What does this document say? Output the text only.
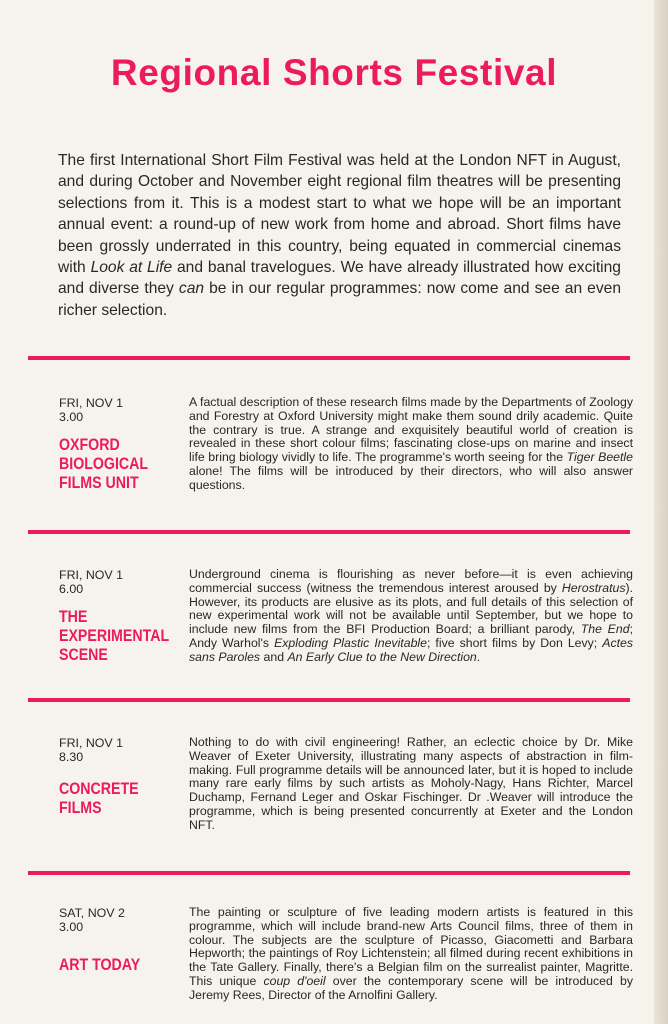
Regional Shorts Festival

The first International Short Film Festival was held at the London NFT in August, and during October and November eight regional film theatres will be presenting selections from it. This is a modest start to what we hope will be an important annual event: a round-up of new work from home and abroad. Short films have been grossly underrated in this country, being equated in commercial cinemas with Look at Life and banal travelogues. We have already illustrated how exciting and diverse they can be in our regular programmes: now come and see an even richer selection.

FRI, NOV 1
3.00

OXFORD
BIOLOGICAL
FILMS UNIT

A factual description of these research films made by the Departments of Zoology and Forestry at Oxford University might make them sound drily academic. Quite the contrary is true. A strange and exquisitely beautiful world of creation is revealed in these short colour films; fascinating close-ups on marine and insect life bring biology vividly to life. The programme's worth seeing for the Tiger Beetle alone! The films will be introduced by their directors, who will also answer questions.

FRI, NOV 1
6.00

THE
EXPERIMENTAL
SCENE

Underground cinema is flourishing as never before—it is even achieving commercial success (witness the tremendous interest aroused by Herostratus). However, its products are elusive as its plots, and full details of this selection of new experimental work will not be available until September, but we hope to include new films from the BFI Production Board; a brilliant parody, The End; Andy Warhol's Exploding Plastic Inevitable; five short films by Don Levy; Actes sans Paroles and An Early Clue to the New Direction.

FRI, NOV 1
8.30

CONCRETE
FILMS

Nothing to do with civil engineering! Rather, an eclectic choice by Dr. Mike Weaver of Exeter University, illustrating many aspects of abstraction in film-making. Full programme details will be announced later, but it is hoped to include many rare early films by such artists as Moholy-Nagy, Hans Richter, Marcel Duchamp, Fernand Leger and Oskar Fischinger. Dr .Weaver will introduce the programme, which is being presented concurrently at Exeter and the London NFT.

SAT, NOV 2
3.00

ART TODAY

The painting or sculpture of five leading modern artists is featured in this programme, which will include brand-new Arts Council films, three of them in colour. The subjects are the sculpture of Picasso, Giacometti and Barbara Hepworth; the paintings of Roy Lichtenstein; all filmed during recent exhibitions in the Tate Gallery. Finally, there's a Belgian film on the surrealist painter, Magritte. This unique coup d'oeil over the contemporary scene will be introduced by Jeremy Rees, Director of the Arnolfini Gallery.
